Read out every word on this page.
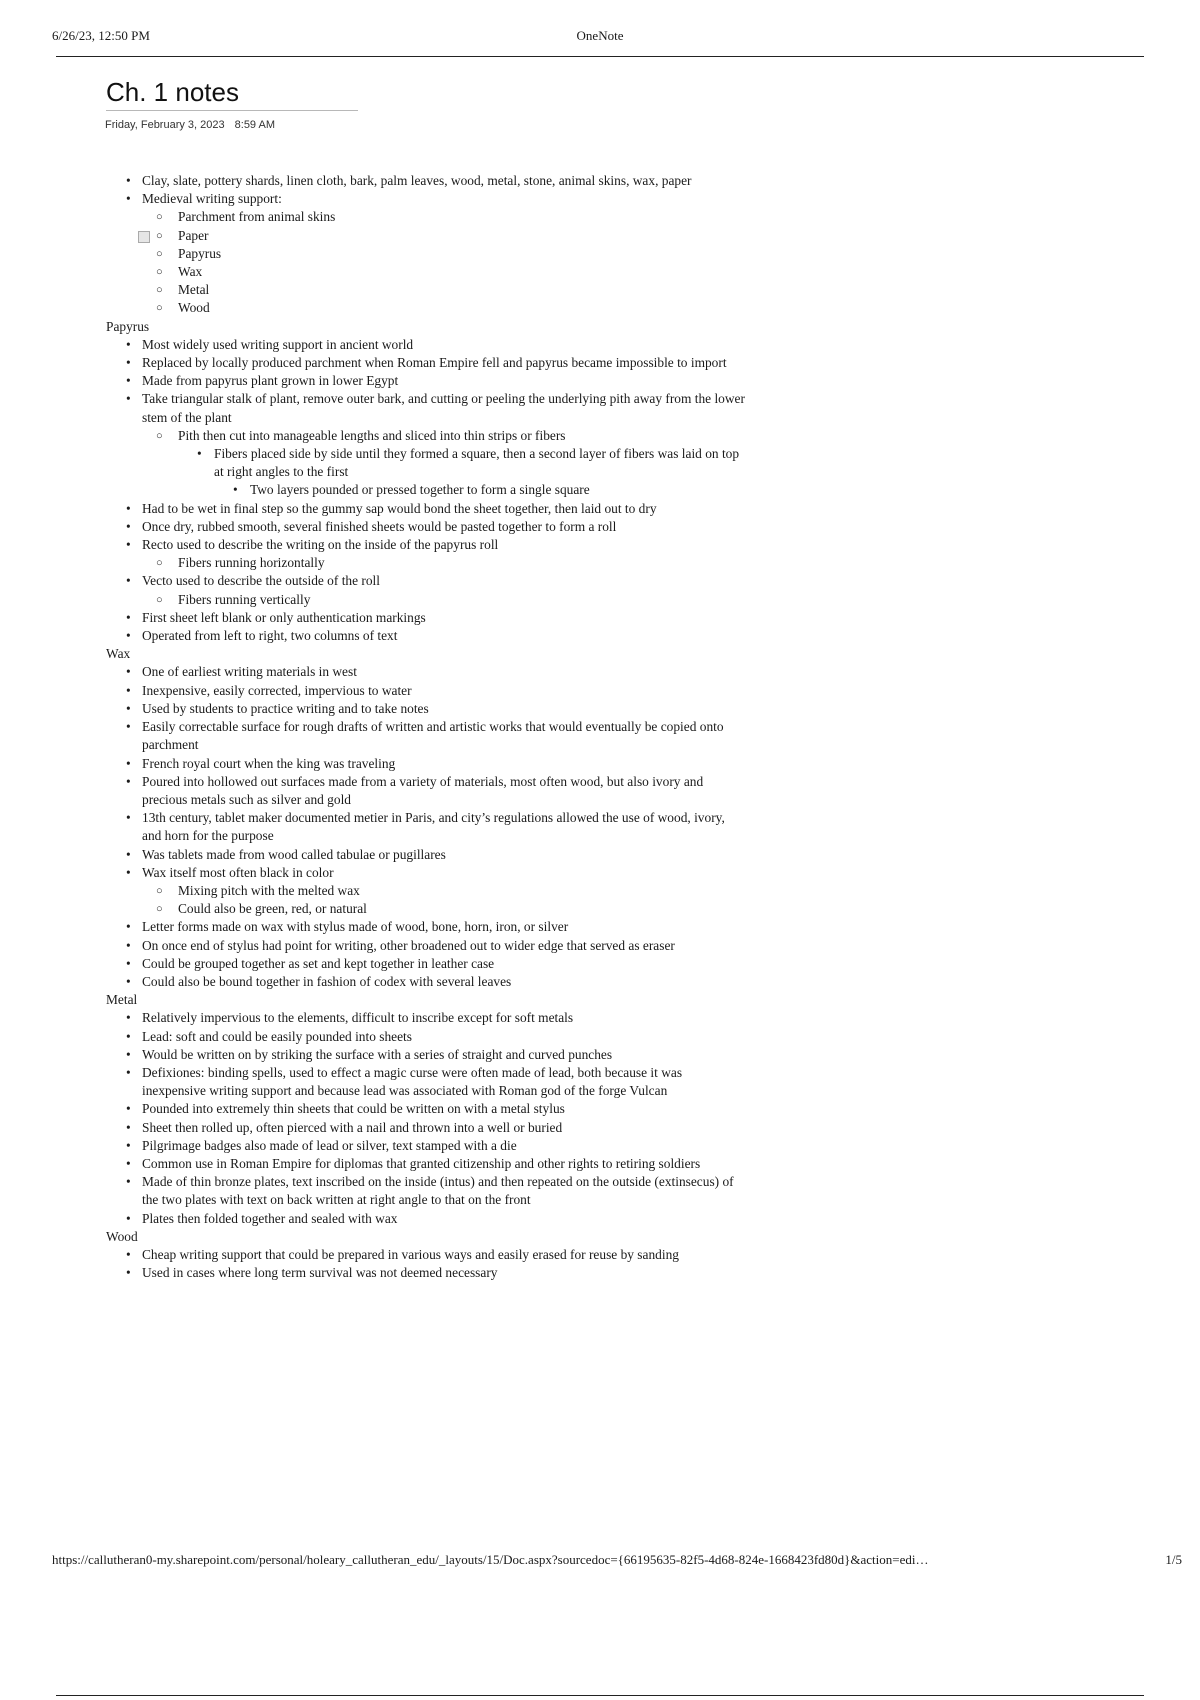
6/26/23, 12:50 PM	OneNote
Ch. 1 notes
Friday, February 3, 2023 8:59 AM
• Clay, slate, pottery shards, linen cloth, bark, palm leaves, wood, metal, stone, animal skins, wax, paper
• Medieval writing support:
○ Parchment from animal skins
○ Paper
○ Papyrus
○ Wax
○ Metal
○ Wood
Papyrus
• Most widely used writing support in ancient world
• Replaced by locally produced parchment when Roman Empire fell and papyrus became impossible to import
• Made from papyrus plant grown in lower Egypt
• Take triangular stalk of plant, remove outer bark, and cutting or peeling the underlying pith away from the lower stem of the plant
○ Pith then cut into manageable lengths and sliced into thin strips or fibers
• Fibers placed side by side until they formed a square, then a second layer of fibers was laid on top at right angles to the first
• Two layers pounded or pressed together to form a single square
• Had to be wet in final step so the gummy sap would bond the sheet together, then laid out to dry
• Once dry, rubbed smooth, several finished sheets would be pasted together to form a roll
• Recto used to describe the writing on the inside of the papyrus roll
○ Fibers running horizontally
• Vecto used to describe the outside of the roll
○ Fibers running vertically
• First sheet left blank or only authentication markings
• Operated from left to right, two columns of text
Wax
• One of earliest writing materials in west
• Inexpensive, easily corrected, impervious to water
• Used by students to practice writing and to take notes
• Easily correctable surface for rough drafts of written and artistic works that would eventually be copied onto parchment
• French royal court when the king was traveling
• Poured into hollowed out surfaces made from a variety of materials, most often wood, but also ivory and precious metals such as silver and gold
• 13th century, tablet maker documented metier in Paris, and city’s regulations allowed the use of wood, ivory, and horn for the purpose
• Was tablets made from wood called tabulae or pugillares
• Wax itself most often black in color
○ Mixing pitch with the melted wax
○ Could also be green, red, or natural
• Letter forms made on wax with stylus made of wood, bone, horn, iron, or silver
• On once end of stylus had point for writing, other broadened out to wider edge that served as eraser
• Could be grouped together as set and kept together in leather case
• Could also be bound together in fashion of codex with several leaves
Metal
• Relatively impervious to the elements, difficult to inscribe except for soft metals
• Lead: soft and could be easily pounded into sheets
• Would be written on by striking the surface with a series of straight and curved punches
• Defixiones: binding spells, used to effect a magic curse were often made of lead, both because it was inexpensive writing support and because lead was associated with Roman god of the forge Vulcan
• Pounded into extremely thin sheets that could be written on with a metal stylus
• Sheet then rolled up, often pierced with a nail and thrown into a well or buried
• Pilgrimage badges also made of lead or silver, text stamped with a die
• Common use in Roman Empire for diplomas that granted citizenship and other rights to retiring soldiers
• Made of thin bronze plates, text inscribed on the inside (intus) and then repeated on the outside (extinsecus) of the two plates with text on back written at right angle to that on the front
• Plates then folded together and sealed with wax
Wood
• Cheap writing support that could be prepared in various ways and easily erased for reuse by sanding
• Used in cases where long term survival was not deemed necessary
https://callutheran0-my.sharepoint.com/personal/holeary_callutheran_edu/_layouts/15/Doc.aspx?sourcedoc={66195635-82f5-4d68-824e-1668423fd80d}&action=edi…	1/5
